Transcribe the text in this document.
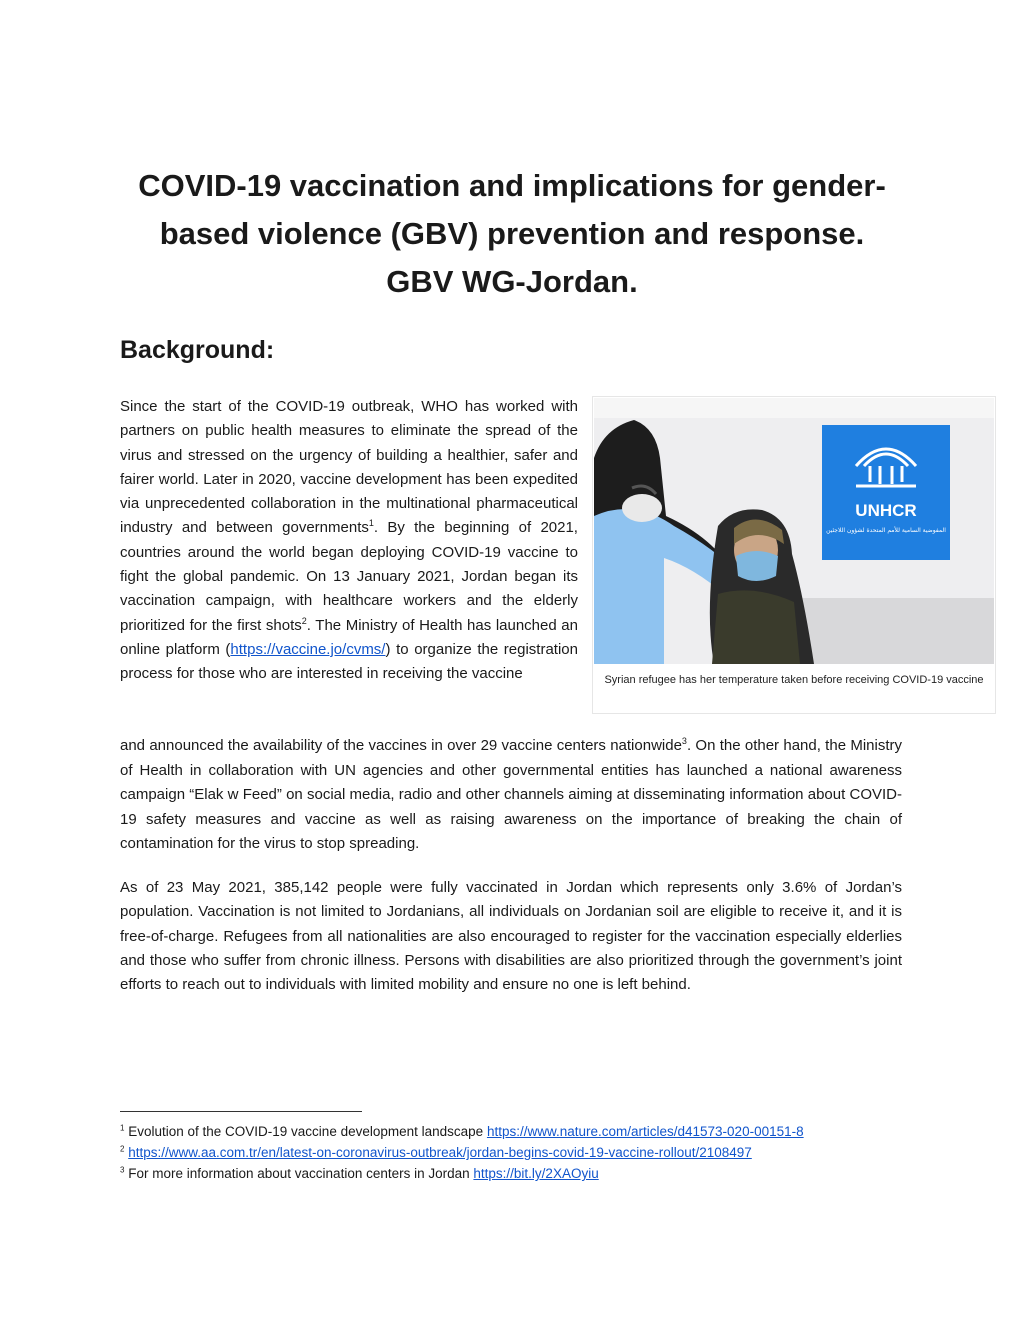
COVID-19 vaccination and implications for gender-
based violence (GBV) prevention and response.
GBV WG-Jordan.
Background:
Since the start of the COVID-19 outbreak, WHO has worked with partners on public health measures to eliminate the spread of the virus and stressed on the urgency of building a healthier, safer and fairer world. Later in 2020, vaccine development has been expedited via unprecedented collaboration in the multinational pharmaceutical industry and between governments$^1$. By the beginning of 2021, countries around the world began deploying COVID-19 vaccine to fight the global pandemic. On 13 January 2021, Jordan began its vaccination campaign, with healthcare workers and the elderly prioritized for the first shots$^2$. The Ministry of Health has launched an online platform (https://vaccine.jo/cvms/) to organize the registration process for those who are interested in receiving the vaccine
and announced the availability of the vaccines in over 29 vaccine centers nationwide$^3$. On the other hand, the Ministry of Health in collaboration with UN agencies and other governmental entities has launched a national awareness campaign “Elak w Feed” on social media, radio and other channels aiming at disseminating information about COVID-19 safety measures and vaccine as well as raising awareness on the importance of breaking the chain of contamination for the virus to stop spreading.
As of 23 May 2021, 385,142 people were fully vaccinated in Jordan which represents only 3.6% of Jordan’s population. Vaccination is not limited to Jordanians, all individuals on Jordanian soil are eligible to receive it, and it is free-of-charge. Refugees from all nationalities are also encouraged to register for the vaccination especially elderlies and those who suffer from chronic illness. Persons with disabilities are also prioritized through the government’s joint efforts to reach out to individuals with limited mobility and ensure no one is left behind.
UNHCR
المفوضية السامية للأمم المتحدة لشؤون اللاجئين
Syrian refugee has her temperature taken before receiving COVID-19 vaccine
$^1$ Evolution of the COVID-19 vaccine development landscape https://www.nature.com/articles/d41573-020-00151-8
$^2$ https://www.aa.com.tr/en/latest-on-coronavirus-outbreak/jordan-begins-covid-19-vaccine-rollout/2108497
$^3$ For more information about vaccination centers in Jordan https://bit.ly/2XAOyiu
